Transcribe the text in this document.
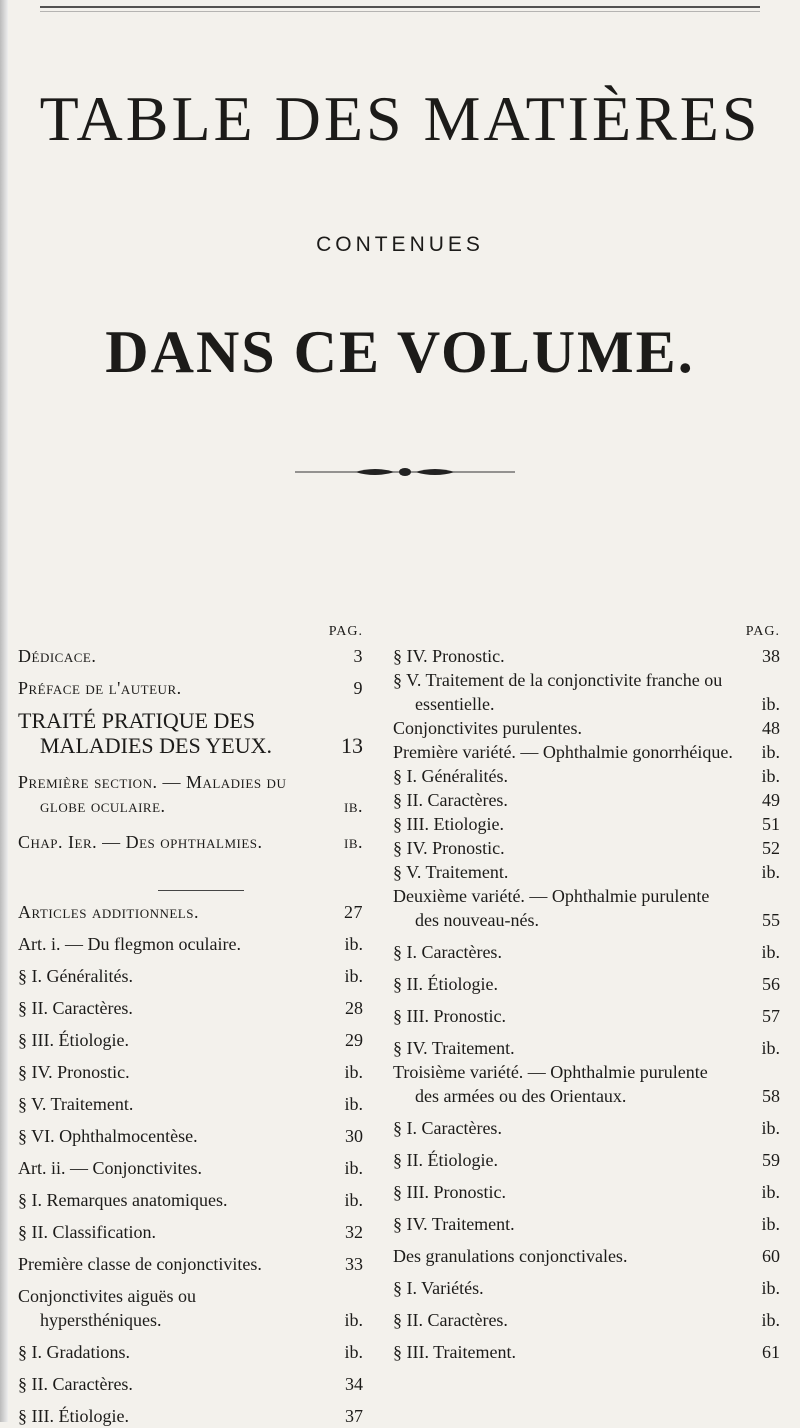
TABLE DES MATIÈRES
CONTENUES
DANS CE VOLUME.
PAG.
Dédicace.	3
Préface de l'auteur.	9
TRAITÉ PRATIQUE DES MALADIES DES YEUX.	13
Première section. — Maladies du globe oculaire.	ib.
Chap. Ier. — Des ophthalmies.	ib.
Articles additionnels.	27
Art. i. — Du flegmon oculaire.	ib.
§ I. Généralités.	ib.
§ II. Caractères.	28
§ III. Étiologie.	29
§ IV. Pronostic.	ib.
§ V. Traitement.	ib.
§ VI. Ophthalmocentèse.	30
Art. ii. — Conjonctivites.	ib.
§ I. Remarques anatomiques.	ib.
§ II. Classification.	32
Première classe de conjonctivites.	33
Conjonctivites aiguës ou hypersthéniques.	ib.
§ I. Gradations.	ib.
§ II. Caractères.	34
§ III. Étiologie.	37
PAG.
§ IV. Pronostic.	38
§ V. Traitement de la conjonctivite franche ou essentielle.	ib.
Conjonctivites purulentes.	48
Première variété. — Ophthalmie gonorrhéique.	ib.
§ I. Généralités.	ib.
§ II. Caractères.	49
§ III. Etiologie.	51
§ IV. Pronostic.	52
§ V. Traitement.	ib.
Deuxième variété. — Ophthalmie purulente des nouveau-nés.	55
§ I. Caractères.	ib.
§ II. Étiologie.	56
§ III. Pronostic.	57
§ IV. Traitement.	ib.
Troisième variété. — Ophthalmie purulente des armées ou des Orientaux.	58
§ I. Caractères.	ib.
§ II. Étiologie.	59
§ III. Pronostic.	ib.
§ IV. Traitement.	ib.
Des granulations conjonctivales.	60
§ I. Variétés.	ib.
§ II. Caractères.	ib.
§ III. Traitement.	61
